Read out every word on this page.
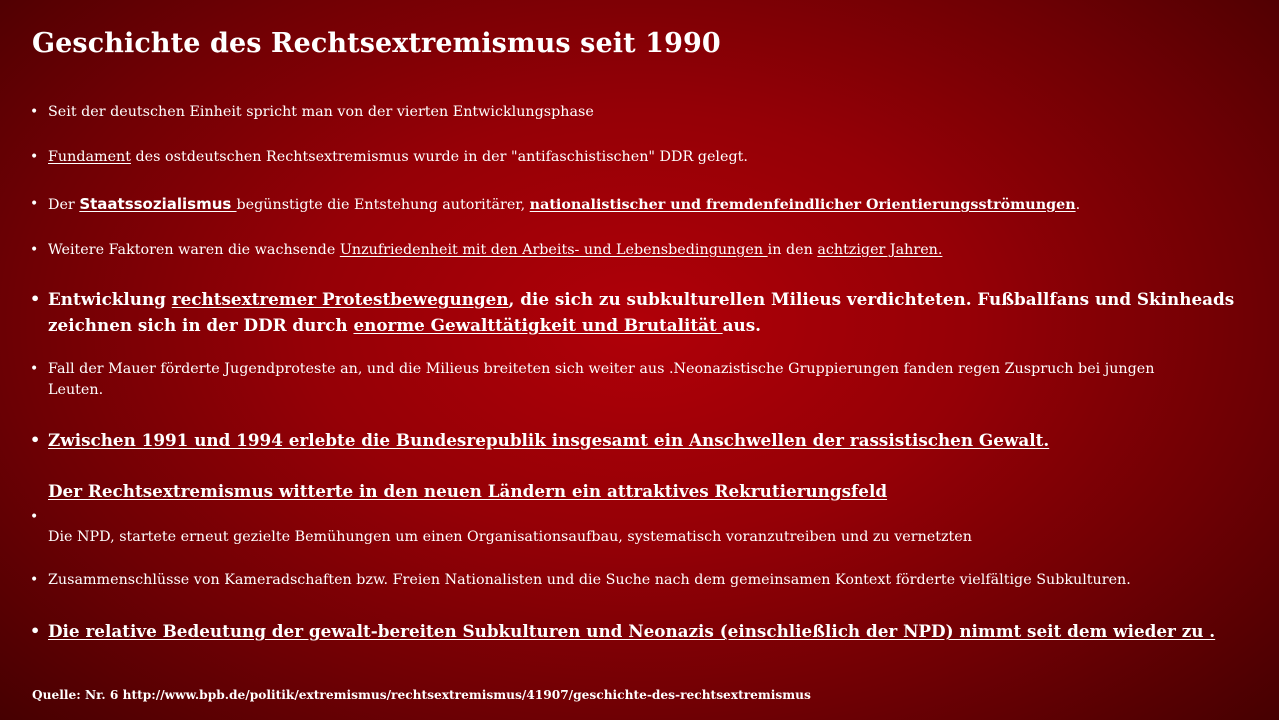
Geschichte des Rechtsextremismus seit 1990
• Seit der deutschen Einheit spricht man von der vierten Entwicklungsphase
• Fundament des ostdeutschen Rechtsextremismus wurde in der "antifaschistischen" DDR gelegt.
• Der Staatssozialismus begünstigte die Entstehung autoritärer, nationalistischer und fremdenfeindlicher Orientierungsströmungen.
• Weitere Faktoren waren die wachsende Unzufriedenheit mit den Arbeits- und Lebensbedingungen in den achtziger Jahren.
• Entwicklung rechtsextremer Protestbewegungen, die sich zu subkulturellen Milieus verdichteten. Fußballfans und Skinheads zeichnen sich in der DDR durch enorme Gewalttätigkeit und Brutalität aus.
• Fall der Mauer förderte Jugendproteste an, und die Milieus breiteten sich weiter aus .Neonazistische Gruppierungen fanden regen Zuspruch bei jungen
Leuten.
• Zwischen 1991 und 1994 erlebte die Bundesrepublik insgesamt ein Anschwellen der rassistischen Gewalt.
Der Rechtsextremismus witterte in den neuen Ländern ein attraktives Rekrutierungsfeld
•

Die NPD, startete erneut gezielte Bemühungen um einen Organisationsaufbau, systematisch voranzutreiben und zu vernetzten
• Zusammenschlüsse von Kameradschaften bzw. Freien Nationalisten und die Suche nach dem gemeinsamen Kontext förderte vielfältige Subkulturen.
• Die relative Bedeutung der gewalt-bereiten Subkulturen und Neonazis (einschließlich der NPD) nimmt seit dem wieder zu .
Quelle: Nr. 6 http://www.bpb.de/politik/extremismus/rechtsextremismus/41907/geschichte-des-rechtsextremismus
